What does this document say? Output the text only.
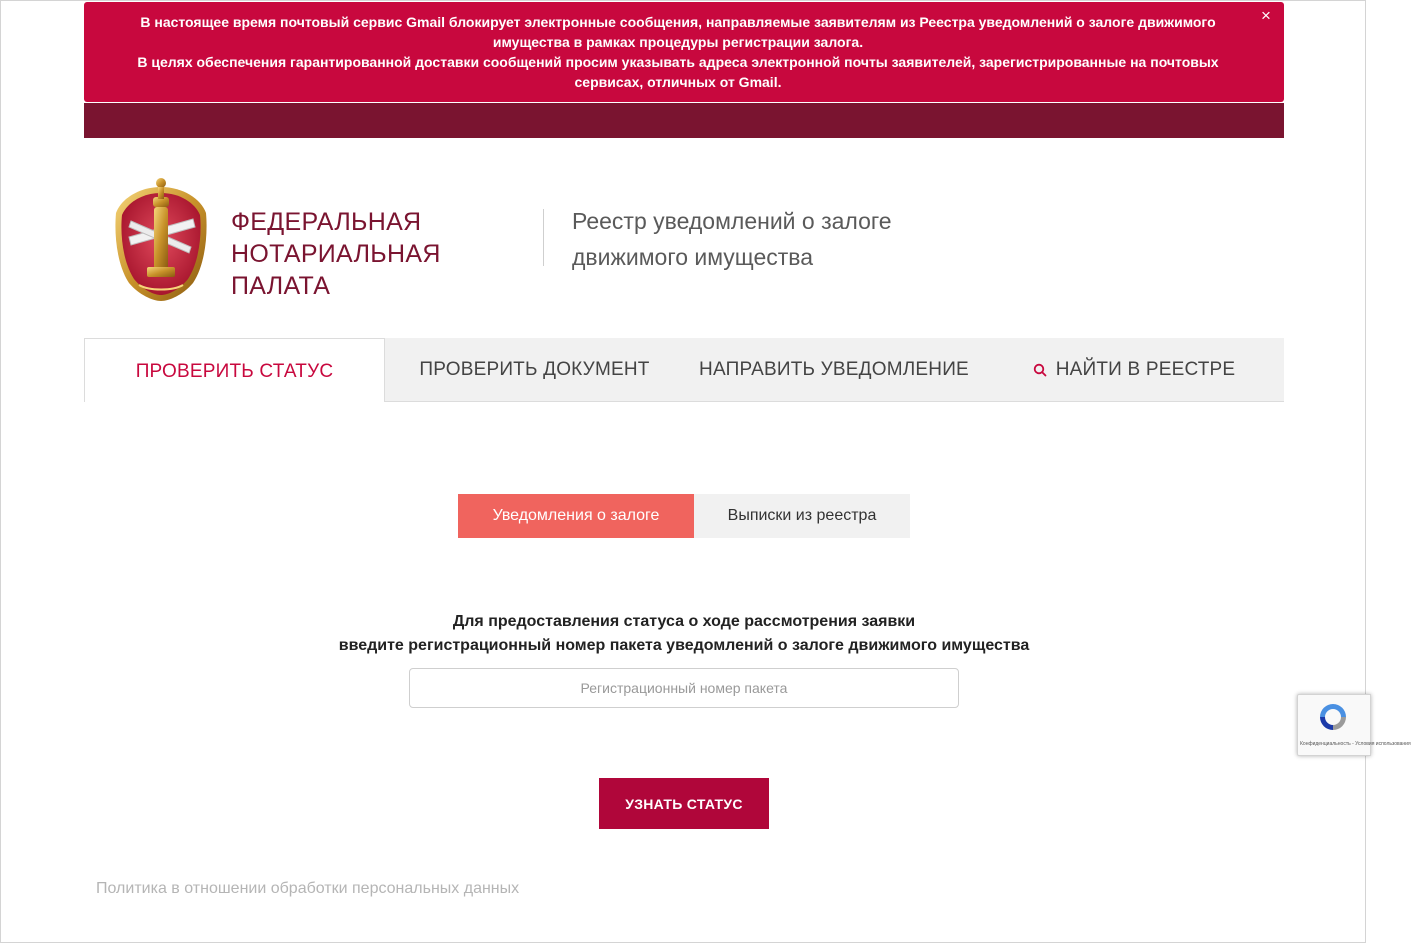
В настоящее время почтовый сервис Gmail блокирует электронные сообщения, направляемые заявителям из Реестра уведомлений о залоге движимого имущества в рамках процедуры регистрации залога.
В целях обеспечения гарантированной доставки сообщений просим указывать адреса электронной почты заявителей, зарегистрированные на почтовых сервисах, отличных от Gmail.
×
ФЕДЕРАЛЬНАЯ
НОТАРИАЛЬНАЯ ПАЛАТА
Реестр уведомлений о залоге
движимого имущества
ПРОВЕРИТЬ СТАТУС	ПРОВЕРИТЬ ДОКУМЕНТ	НАПРАВИТЬ УВЕДОМЛЕНИЕ	НАЙТИ В РЕЕСТРЕ
Уведомления о залоге	Выписки из реестра
Для предоставления статуса о ходе рассмотрения заявки
введите регистрационный номер пакета уведомлений о залоге движимого имущества
Регистрационный номер пакета
УЗНАТЬ СТАТУС
Политика в отношении обработки персональных данных
Конфиденциальность - Условия использования
